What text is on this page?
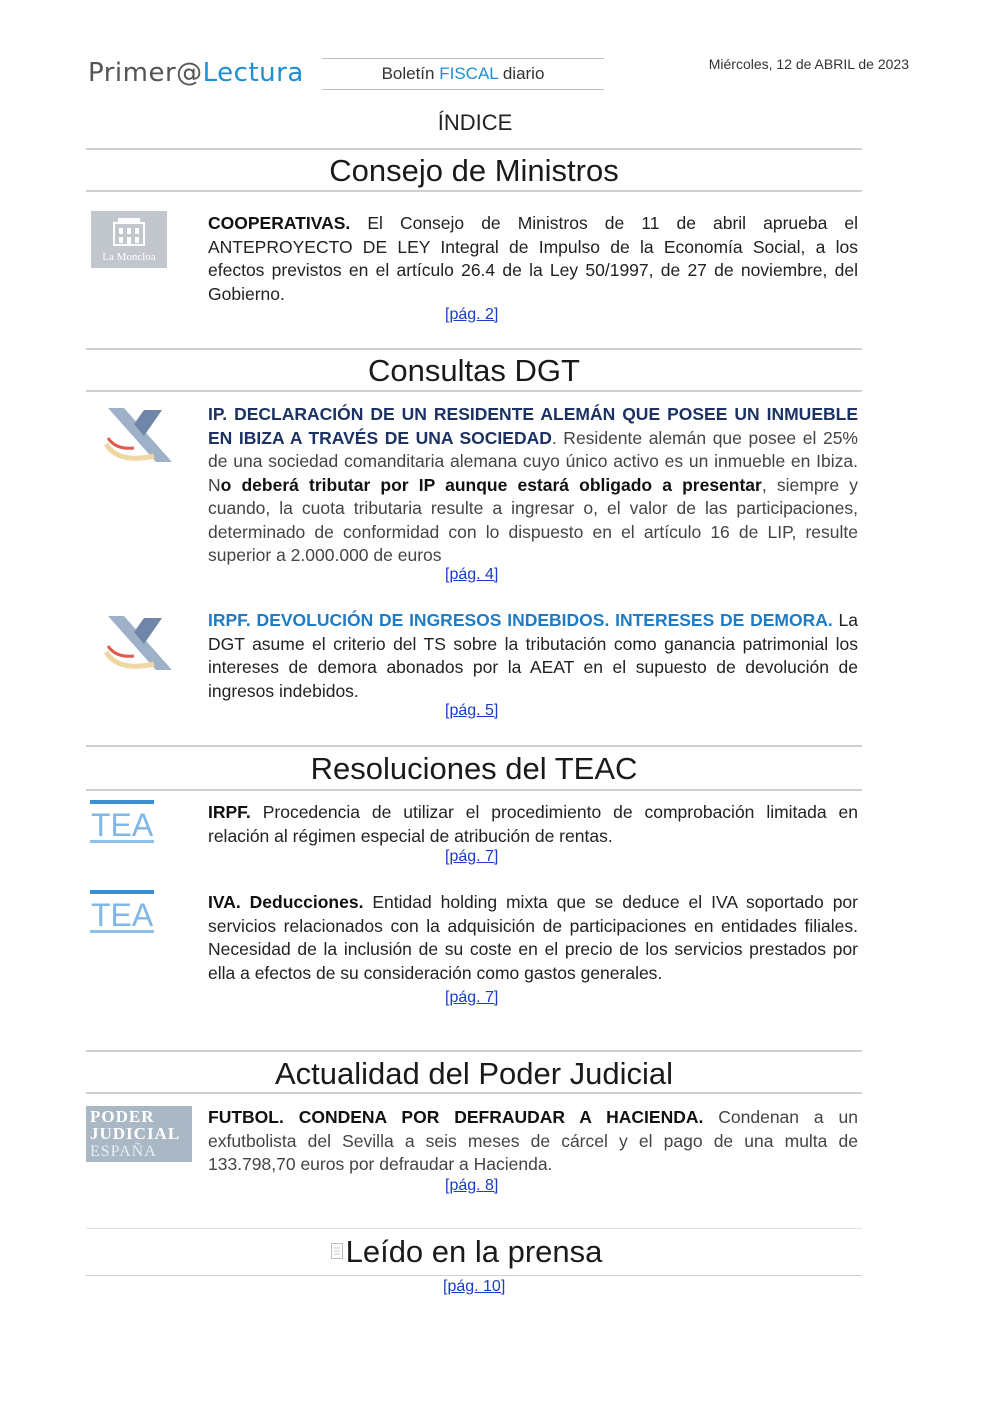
Primer@Lectura	Boletín FISCAL diario	Miércoles, 12 de ABRIL de 2023
ÍNDICE
Consejo de Ministros
La Moncloa
COOPERATIVAS. El Consejo de Ministros de 11 de abril aprueba el ANTEPROYECTO DE LEY Integral de Impulso de la Economía Social, a los efectos previstos en el artículo 26.4 de la Ley 50/1997, de 27 de noviembre, del Gobierno.
[pág. 2]
Consultas DGT
IP. DECLARACIÓN DE UN RESIDENTE ALEMÁN QUE POSEE UN INMUEBLE EN IBIZA A TRAVÉS DE UNA SOCIEDAD. Residente alemán que posee el 25% de una sociedad comanditaria alemana cuyo único activo es un inmueble en Ibiza. No deberá tributar por IP aunque estará obligado a presentar, siempre y cuando, la cuota tributaria resulte a ingresar o, el valor de las participaciones, determinado de conformidad con lo dispuesto en el artículo 16 de LIP, resulte superior a 2.000.000 de euros
[pág. 4]
IRPF. DEVOLUCIÓN DE INGRESOS INDEBIDOS. INTERESES DE DEMORA. La DGT asume el criterio del TS sobre la tributación como ganancia patrimonial los intereses de demora abonados por la AEAT en el supuesto de devolución de ingresos indebidos.
[pág. 5]
Resoluciones del TEAC
TEA	IRPF. Procedencia de utilizar el procedimiento de comprobación limitada en relación al régimen especial de atribución de rentas.
[pág. 7]
TEA	IVA. Deducciones. Entidad holding mixta que se deduce el IVA soportado por servicios relacionados con la adquisición de participaciones en entidades filiales. Necesidad de la inclusión de su coste en el precio de los servicios prestados por ella a efectos de su consideración como gastos generales.
[pág. 7]
Actualidad del Poder Judicial
PODER
JUDICIAL
ESPAÑA
FUTBOL. CONDENA POR DEFRAUDAR A HACIENDA. Condenan a un exfutbolista del Sevilla a seis meses de cárcel y el pago de una multa de 133.798,70 euros por defraudar a Hacienda.
[pág. 8]
Leído en la prensa
[pág. 10]
